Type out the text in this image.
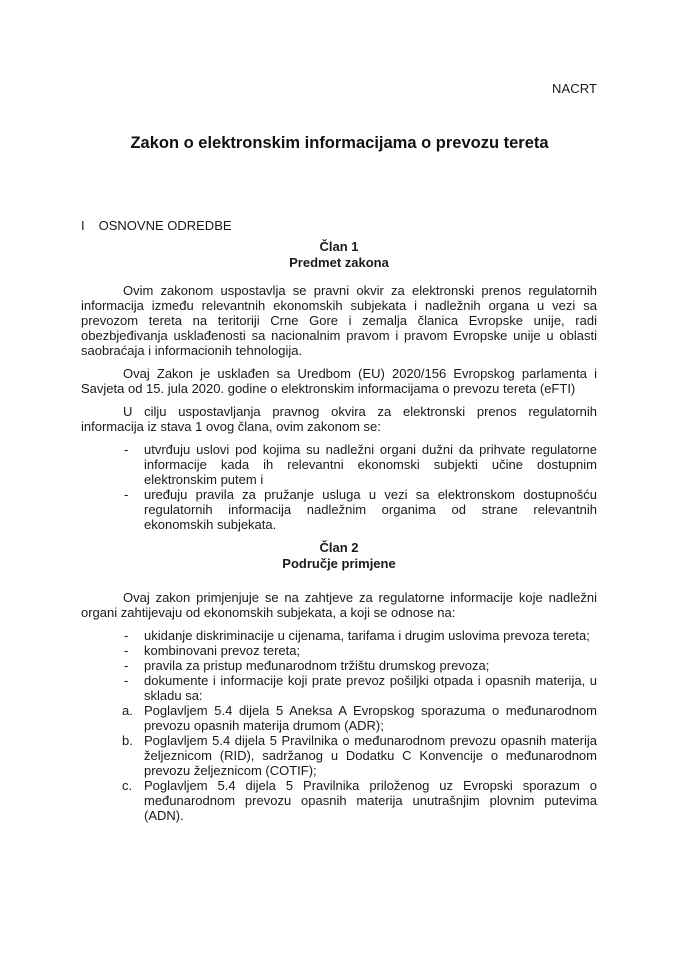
NACRT
Zakon o elektronskim informacijama o prevozu tereta
I OSNOVNE ODREDBE
Član 1
Predmet zakona

Ovim zakonom uspostavlja se pravni okvir za elektronski prenos regulatornih informacija između relevantnih ekonomskih subjekata i nadležnih organa u vezi sa prevozom tereta na teritoriji Crne Gore i zemalja članica Evropske unije, radi obezbjeđivanja usklađenosti sa nacionalnim pravom i pravom Evropske unije u oblasti saobraćaja i informacionih tehnologija.

Ovaj Zakon je usklađen sa Uredbom (EU) 2020/156 Evropskog parlamenta i Savjeta od 15. jula 2020. godine o elektronskim informacijama o prevozu tereta (eFTI)

U cilju uspostavljanja pravnog okvira za elektronski prenos regulatornih informacija iz stava 1 ovog člana, ovim zakonom se:

- utvrđuju uslovi pod kojima su nadležni organi dužni da prihvate regulatorne informacije kada ih relevantni ekonomski subjekti učine dostupnim elektronskim putem i
- uređuju pravila za pružanje usluga u vezi sa elektronskom dostupnošću regulatornih informacija nadležnim organima od strane relevantnih ekonomskih subjekata.
Član 2
Područje primjene

Ovaj zakon primjenjuje se na zahtjeve za regulatorne informacije koje nadležni organi zahtijevaju od ekonomskih subjekata, a koji se odnose na:

- ukidanje diskriminacije u cijenama, tarifama i drugim uslovima prevoza tereta;
- kombinovani prevoz tereta;
- pravila za pristup međunarodnom tržištu drumskog prevoza;
- dokumente i informacije koji prate prevoz pošiljki otpada i opasnih materija, u skladu sa:
a. Poglavljem 5.4 dijela 5 Aneksa A Evropskog sporazuma o međunarodnom prevozu opasnih materija drumom (ADR);
b. Poglavljem 5.4 dijela 5 Pravilnika o međunarodnom prevozu opasnih materija željeznicom (RID), sadržanog u Dodatku C Konvencije o međunarodnom prevozu željeznicom (COTIF);
c. Poglavljem 5.4 dijela 5 Pravilnika priloženog uz Evropski sporazum o međunarodnom prevozu opasnih materija unutrašnjim plovnim putevima (ADN).
